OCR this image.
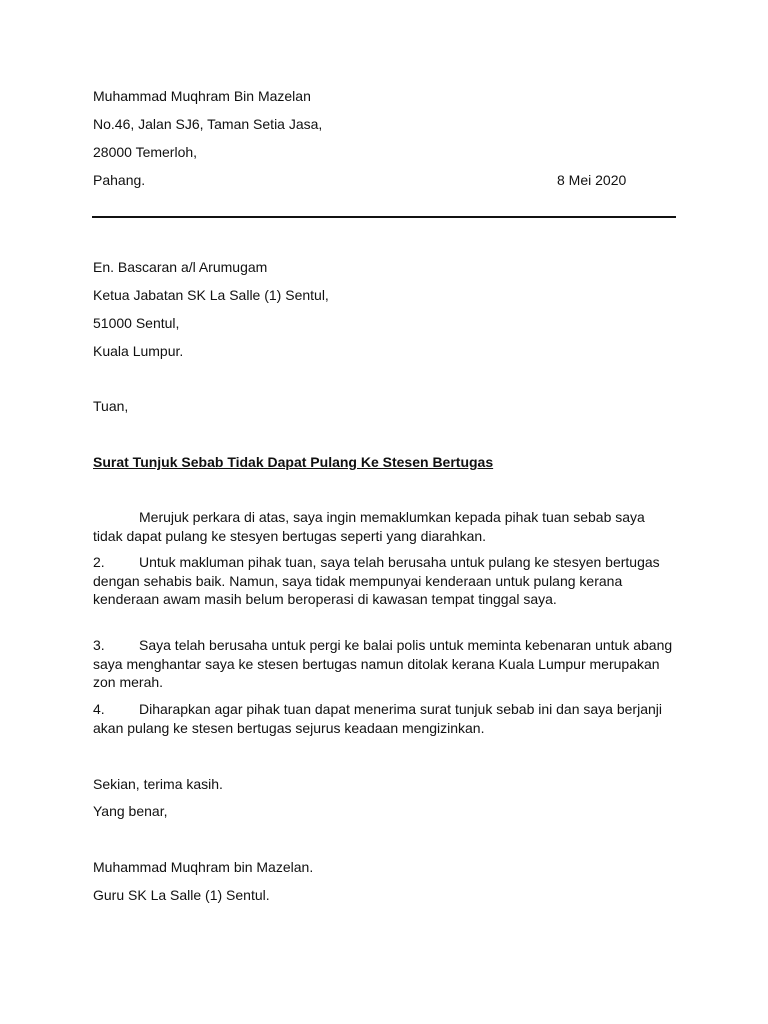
Muhammad Muqhram Bin Mazelan
No.46, Jalan SJ6, Taman Setia Jasa,
28000 Temerloh,
Pahang.	8 Mei 2020
En. Bascaran a/l Arumugam
Ketua Jabatan SK La Salle (1) Sentul,
51000 Sentul,
Kuala Lumpur.
Tuan,
Surat Tunjuk Sebab Tidak Dapat Pulang Ke Stesen Bertugas
Merujuk perkara di atas, saya ingin memaklumkan kepada pihak tuan sebab saya tidak dapat pulang ke stesyen bertugas seperti yang diarahkan.
2. Untuk makluman pihak tuan, saya telah berusaha untuk pulang ke stesyen bertugas dengan sehabis baik. Namun, saya tidak mempunyai kenderaan untuk pulang kerana kenderaan awam masih belum beroperasi di kawasan tempat tinggal saya.
3. Saya telah berusaha untuk pergi ke balai polis untuk meminta kebenaran untuk abang saya menghantar saya ke stesen bertugas namun ditolak kerana Kuala Lumpur merupakan zon merah.
4. Diharapkan agar pihak tuan dapat menerima surat tunjuk sebab ini dan saya berjanji akan pulang ke stesen bertugas sejurus keadaan mengizinkan.
Sekian, terima kasih.
Yang benar,
Muhammad Muqhram bin Mazelan.
Guru SK La Salle (1) Sentul.
